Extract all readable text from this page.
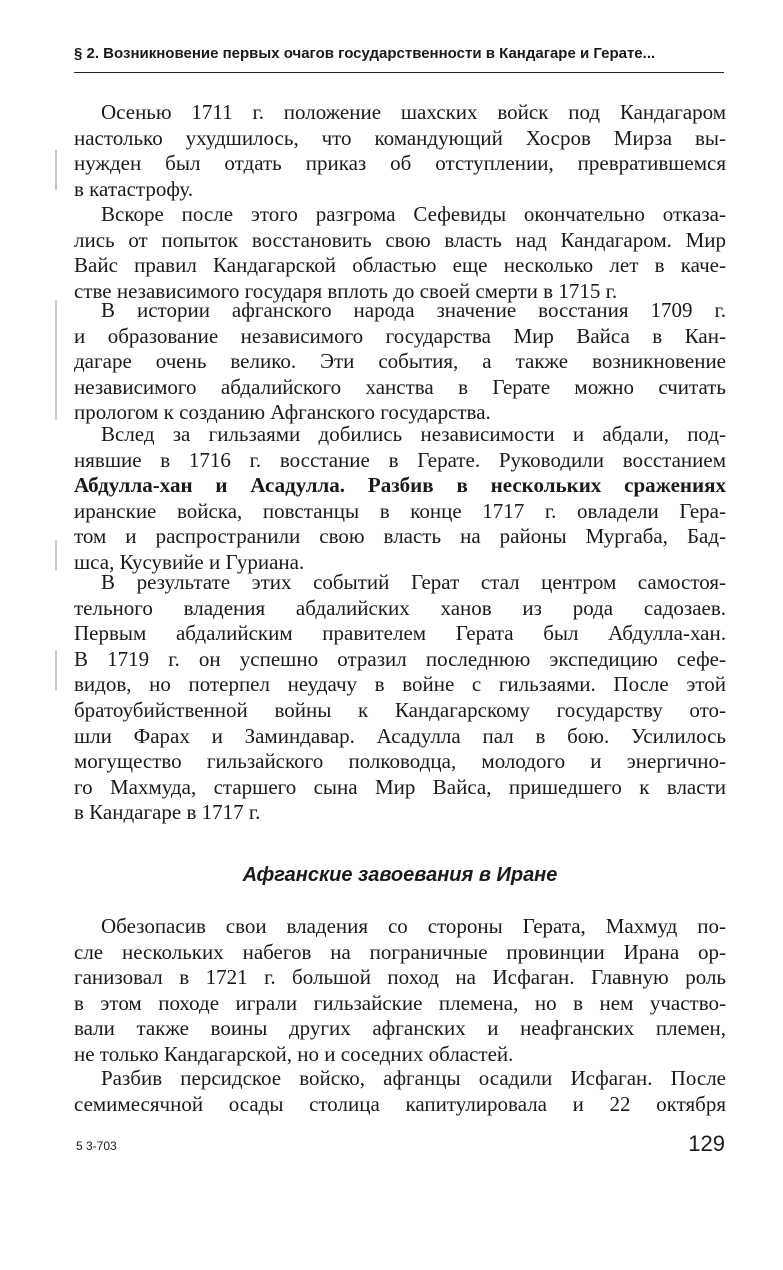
§ 2. Возникновение первых очагов государственности в Кандагаре и Герате...
Осенью 1711 г. положение шахских войск под Кандагаром
настолько ухудшилось, что командующий Хосров Мирза вы-
нужден был отдать приказ об отступлении, превратившемся
в катастрофу.
Вскоре после этого разгрома Сефевиды окончательно отказа-
лись от попыток восстановить свою власть над Кандагаром. Мир
Вайс правил Кандагарской областью еще несколько лет в каче-
стве независимого государя вплоть до своей смерти в 1715 г.
В истории афганского народа значение восстания 1709 г.
и образование независимого государства Мир Вайса в Кан-
дагаре очень велико. Эти события, а также возникновение
независимого абдалийского ханства в Герате можно считать
прологом к созданию Афганского государства.
Вслед за гильзаями добились независимости и абдали, под-
нявшие в 1716 г. восстание в Герате. Руководили восстанием
Абдулла-хан и Асадулла. Разбив в нескольких сражениях
иранские войска, повстанцы в конце 1717 г. овладели Гера-
том и распространили свою власть на районы Мургаба, Бад-
шса, Кусувийе и Гуриана.
В результате этих событий Герат стал центром самостоя-
тельного владения абдалийских ханов из рода садозаев.
Первым абдалийским правителем Герата был Абдулла-хан.
В 1719 г. он успешно отразил последнюю экспедицию сефе-
видов, но потерпел неудачу в войне с гильзаями. После этой
братоубийственной войны к Кандагарскому государству ото-
шли Фарах и Заминдавар. Асадулла пал в бою. Усилилось
могущество гильзайского полководца, молодого и энергично-
го Махмуда, старшего сына Мир Вайса, пришедшего к власти
в Кандагаре в 1717 г.
Афганские завоевания в Иране
Обезопасив свои владения со стороны Герата, Махмуд по-
сле нескольких набегов на пограничные провинции Ирана ор-
ганизовал в 1721 г. большой поход на Исфаган. Главную роль
в этом походе играли гильзайские племена, но в нем участво-
вали также воины других афганских и неафганских племен,
не только Кандагарской, но и соседних областей.
Разбив персидское войско, афганцы осадили Исфаган. После
семимесячной осады столица капитулировала и 22 октября
5 3-703	129
